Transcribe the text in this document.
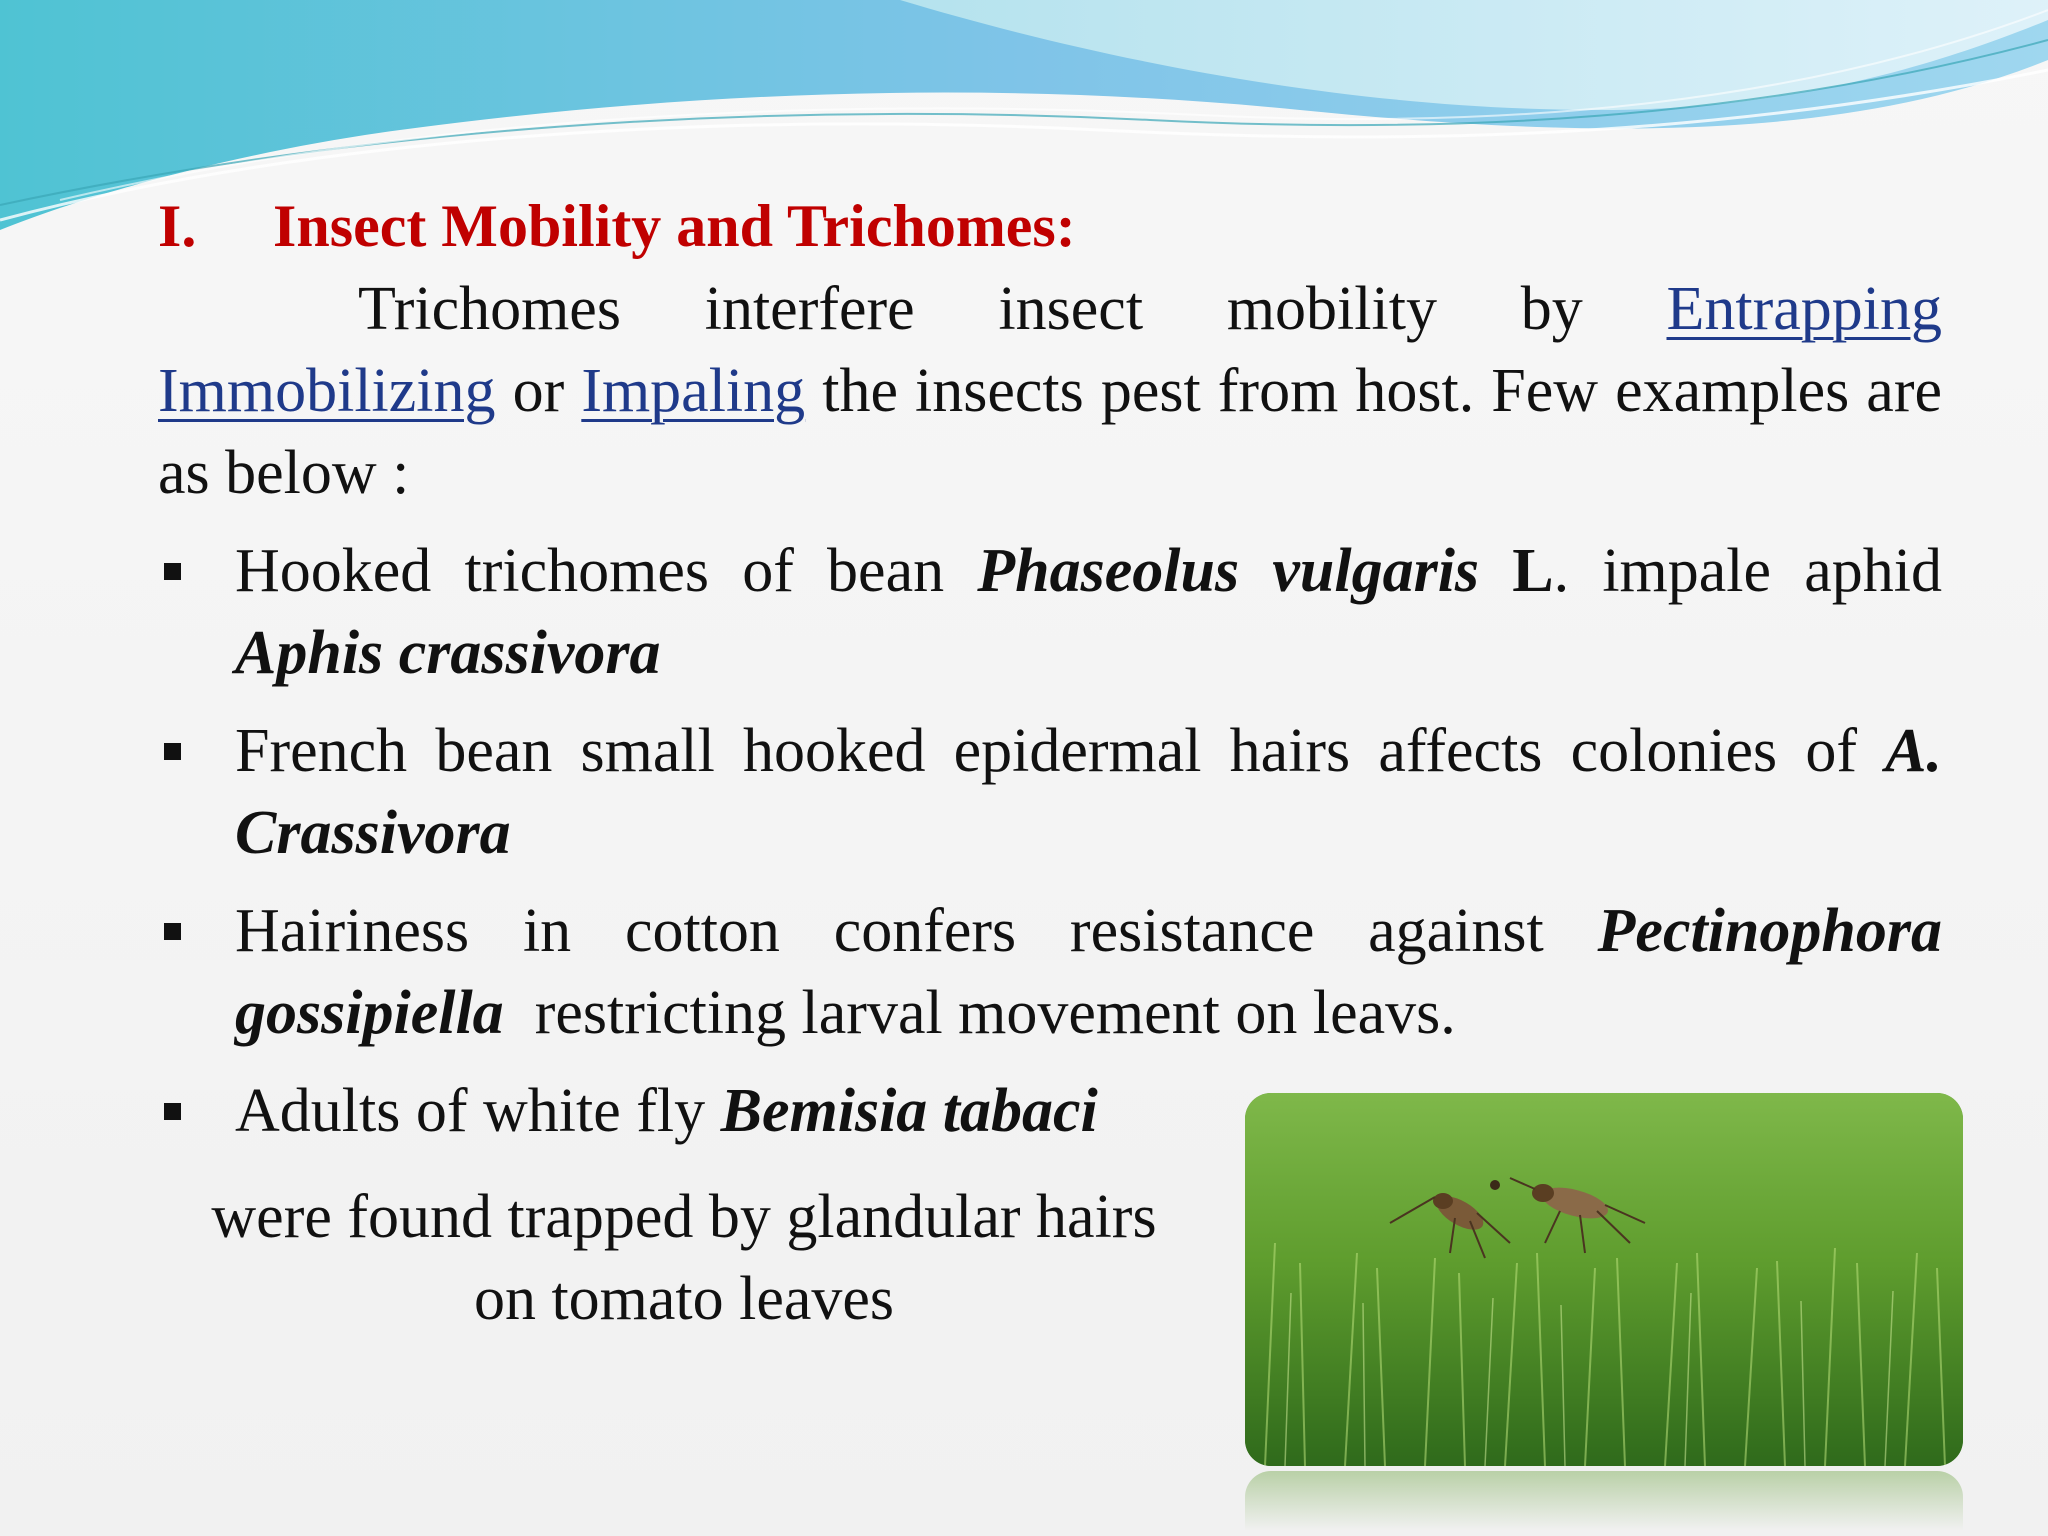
I. Insect Mobility and Trichomes:
Trichomes interfere insect mobility by Entrapping Immobilizing or Impaling the insects pest from host. Few examples are as below :
Hooked trichomes of bean Phaseolus vulgaris L. impale aphid Aphis crassivora
French bean small hooked epidermal hairs affects colonies of A. Crassivora
Hairiness in cotton confers resistance against Pectinophora gossipiella  restricting larval movement on leavs.
Adults of white fly Bemisia tabaci
were found trapped by glandular hairs
on tomato leaves
